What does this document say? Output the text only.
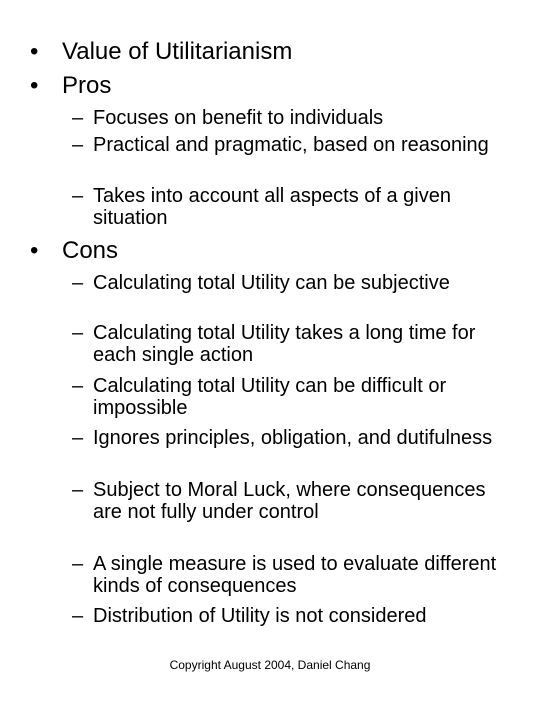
• Value of Utilitarianism
• Pros
– Focuses on benefit to individuals
– Practical and pragmatic, based on reasoning
– Takes into account all aspects of a given situation
• Cons
– Calculating total Utility can be subjective
– Calculating total Utility takes a long time for each single action
– Calculating total Utility can be difficult or impossible
– Ignores principles, obligation, and dutifulness
– Subject to Moral Luck, where consequences are not fully under control
– A single measure is used to evaluate different kinds of consequences
– Distribution of Utility is not considered
Copyright August 2004, Daniel Chang
